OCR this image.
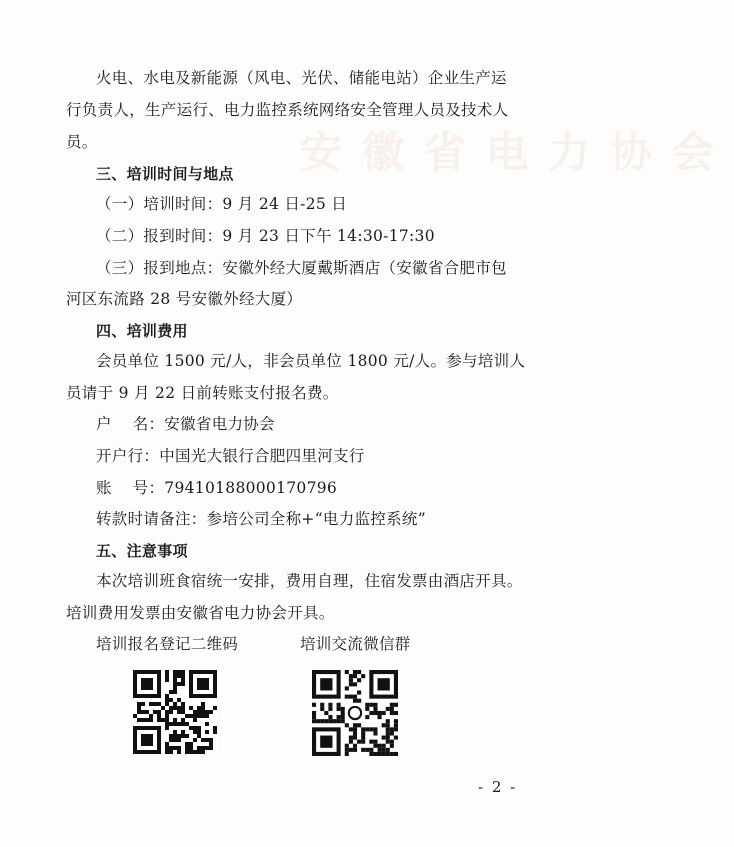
安徽省电力协会
火电、水电及新能源（风电、光伏、储能电站）企业生产运
行负责人，生产运行、电力监控系统网络安全管理人员及技术人
员。
三、培训时间与地点
（一）培训时间：9 月 24 日-25 日
（二）报到时间：9 月 23 日下午 14:30-17:30
（三）报到地点：安徽外经大厦戴斯酒店（安徽省合肥市包
河区东流路 28 号安徽外经大厦）
四、培训费用
会员单位 1500 元/人，非会员单位 1800 元/人。参与培训人
员请于 9 月 22 日前转账支付报名费。
户    名：安徽省电力协会
开户行：中国光大银行合肥四里河支行
账    号：79410188000170796
转款时请备注：参培公司全称+“电力监控系统”
五、注意事项
本次培训班食宿统一安排，费用自理，住宿发票由酒店开具。
培训费用发票由安徽省电力协会开具。
培训报名登记二维码	培训交流微信群
- 2 -
